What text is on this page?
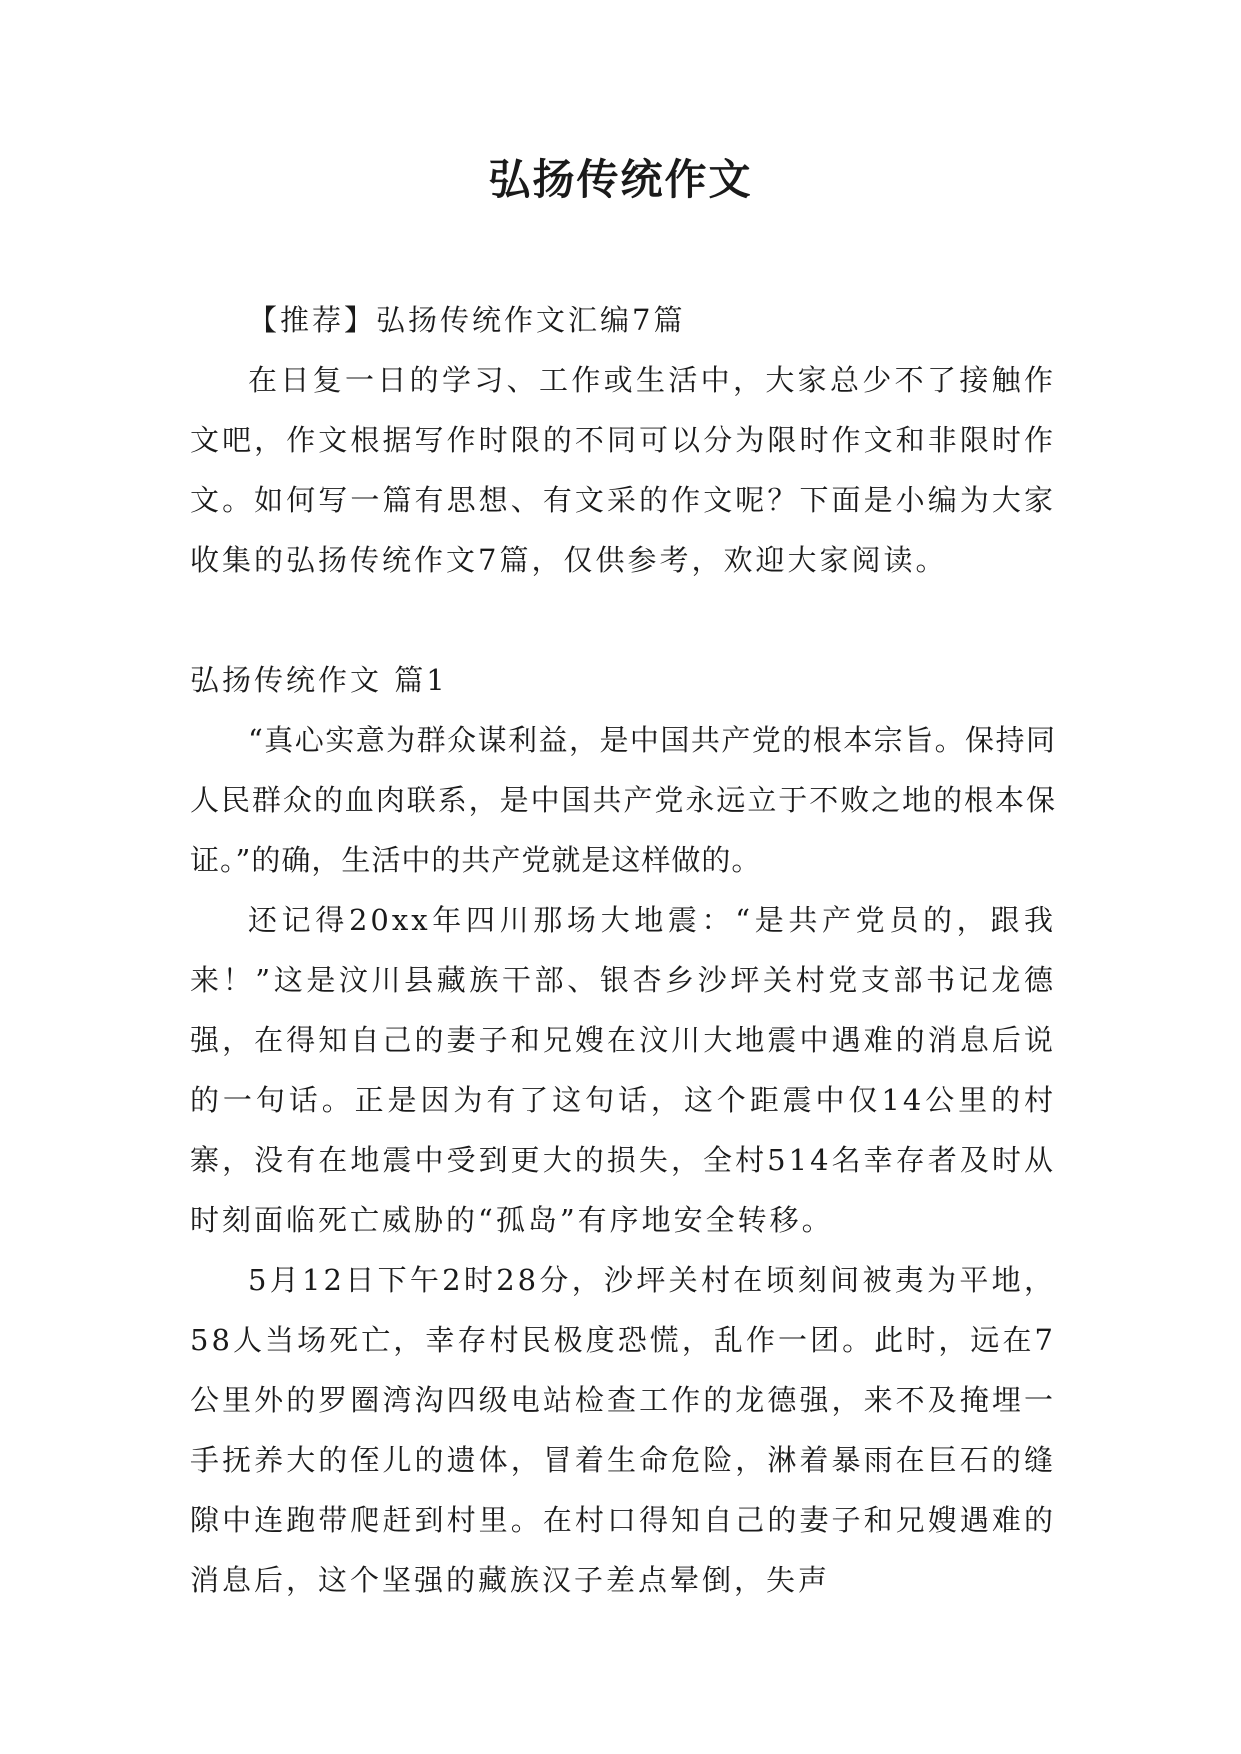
弘扬传统作文

【推荐】弘扬传统作文汇编7篇

在日复一日的学习、工作或生活中，大家总少不了接触作文吧，作文根据写作时限的不同可以分为限时作文和非限时作文。如何写一篇有思想、有文采的作文呢？下面是小编为大家收集的弘扬传统作文7篇，仅供参考，欢迎大家阅读。

弘扬传统作文 篇1

“真心实意为群众谋利益，是中国共产党的根本宗旨。保持同人民群众的血肉联系，是中国共产党永远立于不败之地的根本保证。”的确，生活中的共产党就是这样做的。

还记得20xx年四川那场大地震：“是共产党员的，跟我来！”这是汶川县藏族干部、银杏乡沙坪关村党支部书记龙德强，在得知自己的妻子和兄嫂在汶川大地震中遇难的消息后说的一句话。正是因为有了这句话，这个距震中仅14公里的村寨，没有在地震中受到更大的损失，全村514名幸存者及时从时刻面临死亡威胁的“孤岛”有序地安全转移。

5月12日下午2时28分，沙坪关村在顷刻间被夷为平地，58人当场死亡，幸存村民极度恐慌，乱作一团。此时，远在7公里外的罗圈湾沟四级电站检查工作的龙德强，来不及掩埋一手抚养大的侄儿的遗体，冒着生命危险，淋着暴雨在巨石的缝隙中连跑带爬赶到村里。在村口得知自己的妻子和兄嫂遇难的消息后，这个坚强的藏族汉子差点晕倒，失声
